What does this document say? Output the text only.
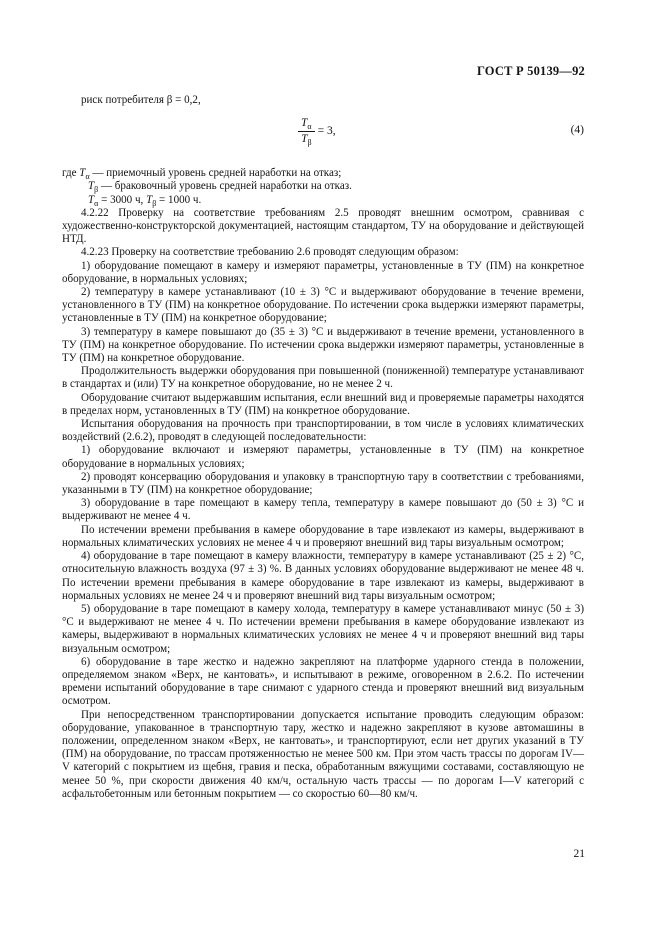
ГОСТ Р 50139—92

риск потребителя β = 0,2,

$\frac{T_\alpha}{T_\beta} = 3$,	(4)

где $T_\alpha$ — приемочный уровень средней наработки на отказ;

$T_\beta$ — браковочный уровень средней наработки на отказ.

$T_\alpha = 3000$ ч, $T_\beta = 1000$ ч.

4.2.22 Проверку на соответствие требованиям 2.5 проводят внешним осмотром, сравнивая с художественно-конструкторской документацией, настоящим стандартом, ТУ на оборудование и действующей НТД.

4.2.23 Проверку на соответствие требованию 2.6 проводят следующим образом:

1) оборудование помещают в камеру и измеряют параметры, установленные в ТУ (ПМ) на конкретное оборудование, в нормальных условиях;

2) температуру в камере устанавливают (10 ± 3) °С и выдерживают оборудование в течение времени, установленного в ТУ (ПМ) на конкретное оборудование. По истечении срока выдержки измеряют параметры, установленные в ТУ (ПМ) на конкретное оборудование;

3) температуру в камере повышают до (35 ± 3) °С и выдерживают в течение времени, установленного в ТУ (ПМ) на конкретное оборудование. По истечении срока выдержки измеряют параметры, установленные в ТУ (ПМ) на конкретное оборудование.

Продолжительность выдержки оборудования при повышенной (пониженной) температуре устанавливают в стандартах и (или) ТУ на конкретное оборудование, но не менее 2 ч.

Оборудование считают выдержавшим испытания, если внешний вид и проверяемые параметры находятся в пределах норм, установленных в ТУ (ПМ) на конкретное оборудование.

Испытания оборудования на прочность при транспортировании, в том числе в условиях климатических воздействий (2.6.2), проводят в следующей последовательности:

1) оборудование включают и измеряют параметры, установленные в ТУ (ПМ) на конкретное оборудование в нормальных условиях;

2) проводят консервацию оборудования и упаковку в транспортную тару в соответствии с требованиями, указанными в ТУ (ПМ) на конкретное оборудование;

3) оборудование в таре помещают в камеру тепла, температуру в камере повышают до (50 ± 3) °С и выдерживают не менее 4 ч.

По истечении времени пребывания в камере оборудование в таре извлекают из камеры, выдерживают в нормальных климатических условиях не менее 4 ч и проверяют внешний вид тары визуальным осмотром;

4) оборудование в таре помещают в камеру влажности, температуру в камере устанавливают (25 ± 2) °С, относительную влажность воздуха (97 ± 3) %. В данных условиях оборудование выдерживают не менее 48 ч. По истечении времени пребывания в камере оборудование в таре извлекают из камеры, выдерживают в нормальных условиях не менее 24 ч и проверяют внешний вид тары визуальным осмотром;

5) оборудование в таре помещают в камеру холода, температуру в камере устанавливают минус (50 ± 3) °С и выдерживают не менее 4 ч. По истечении времени пребывания в камере оборудование извлекают из камеры, выдерживают в нормальных климатических условиях не менее 4 ч и проверяют внешний вид тары визуальным осмотром;

6) оборудование в таре жестко и надежно закрепляют на платформе ударного стенда в положении, определяемом знаком «Верх, не кантовать», и испытывают в режиме, оговоренном в 2.6.2. По истечении времени испытаний оборудование в таре снимают с ударного стенда и проверяют внешний вид визуальным осмотром.

При непосредственном транспортировании допускается испытание проводить следующим образом: оборудование, упакованное в транспортную тару, жестко и надежно закрепляют в кузове автомашины в положении, определенном знаком «Верх, не кантовать», и транспортируют, если нет других указаний в ТУ (ПМ) на оборудование, по трассам протяженностью не менее 500 км. При этом часть трассы по дорогам IV—V категорий с покрытием из щебня, гравия и песка, обработанным вяжущими составами, составляющую не менее 50 %, при скорости движения 40 км/ч, остальную часть трассы — по дорогам I—V категорий с асфальтобетонным или бетонным покрытием — со скоростью 60—80 км/ч.

21
